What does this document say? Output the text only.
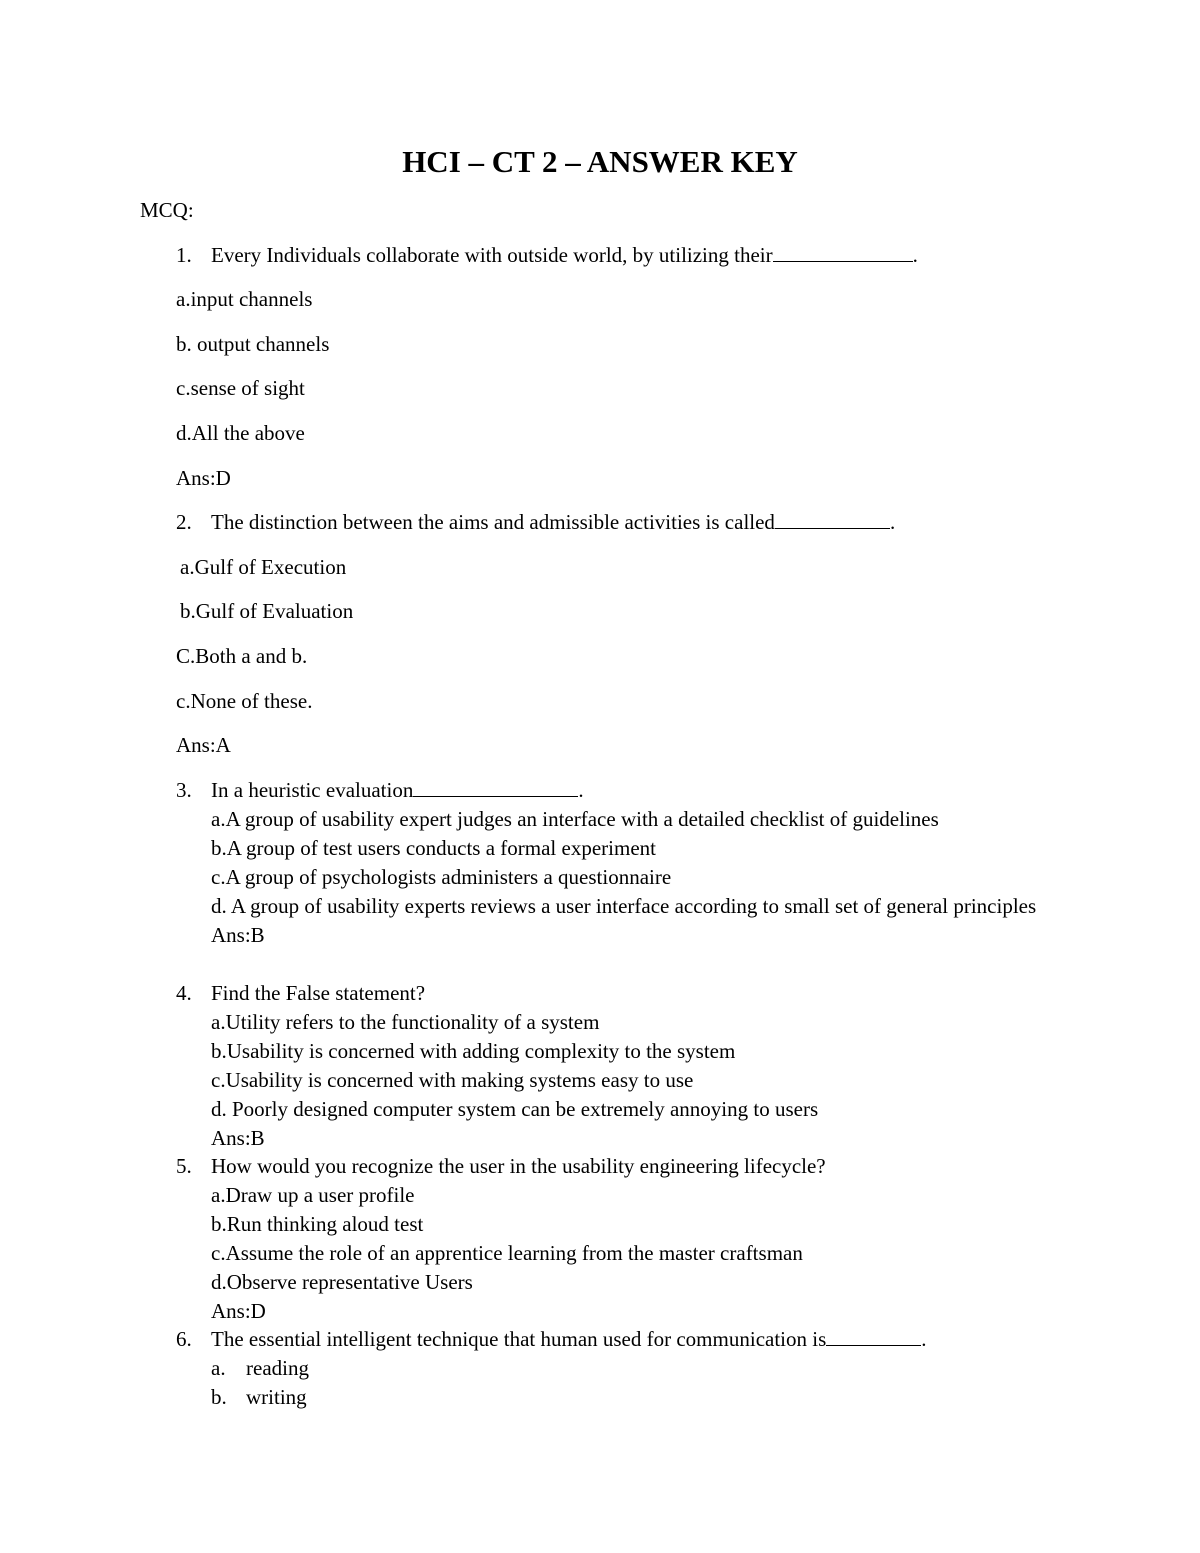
HCI – CT 2 – ANSWER KEY
MCQ:
1. Every Individuals collaborate with outside world, by utilizing their	.
a.input channels
b. output channels
c.sense of sight
d.All the above
Ans:D
2. The distinction between the aims and admissible activities is called	.
a.Gulf of Execution
b.Gulf of Evaluation
C.Both a and b.
c.None of these.
Ans:A
3. In a heuristic evaluation	.
a.A group of usability expert judges an interface with a detailed checklist of guidelines
b.A group of test users conducts a formal experiment
c.A group of psychologists administers a questionnaire
d. A group of usability experts reviews a user interface according to small set of general principles
Ans:B
4. Find the False statement?
a.Utility refers to the functionality of a system
b.Usability is concerned with adding complexity to the system
c.Usability is concerned with making systems easy to use
d. Poorly designed computer system can be extremely annoying to users
Ans:B
5. How would you recognize the user in the usability engineering lifecycle?
a.Draw up a user profile
b.Run thinking aloud test
c.Assume the role of an apprentice learning from the master craftsman
d.Observe representative Users
Ans:D
6. The essential intelligent technique that human used for communication is	.
a. reading
b. writing
